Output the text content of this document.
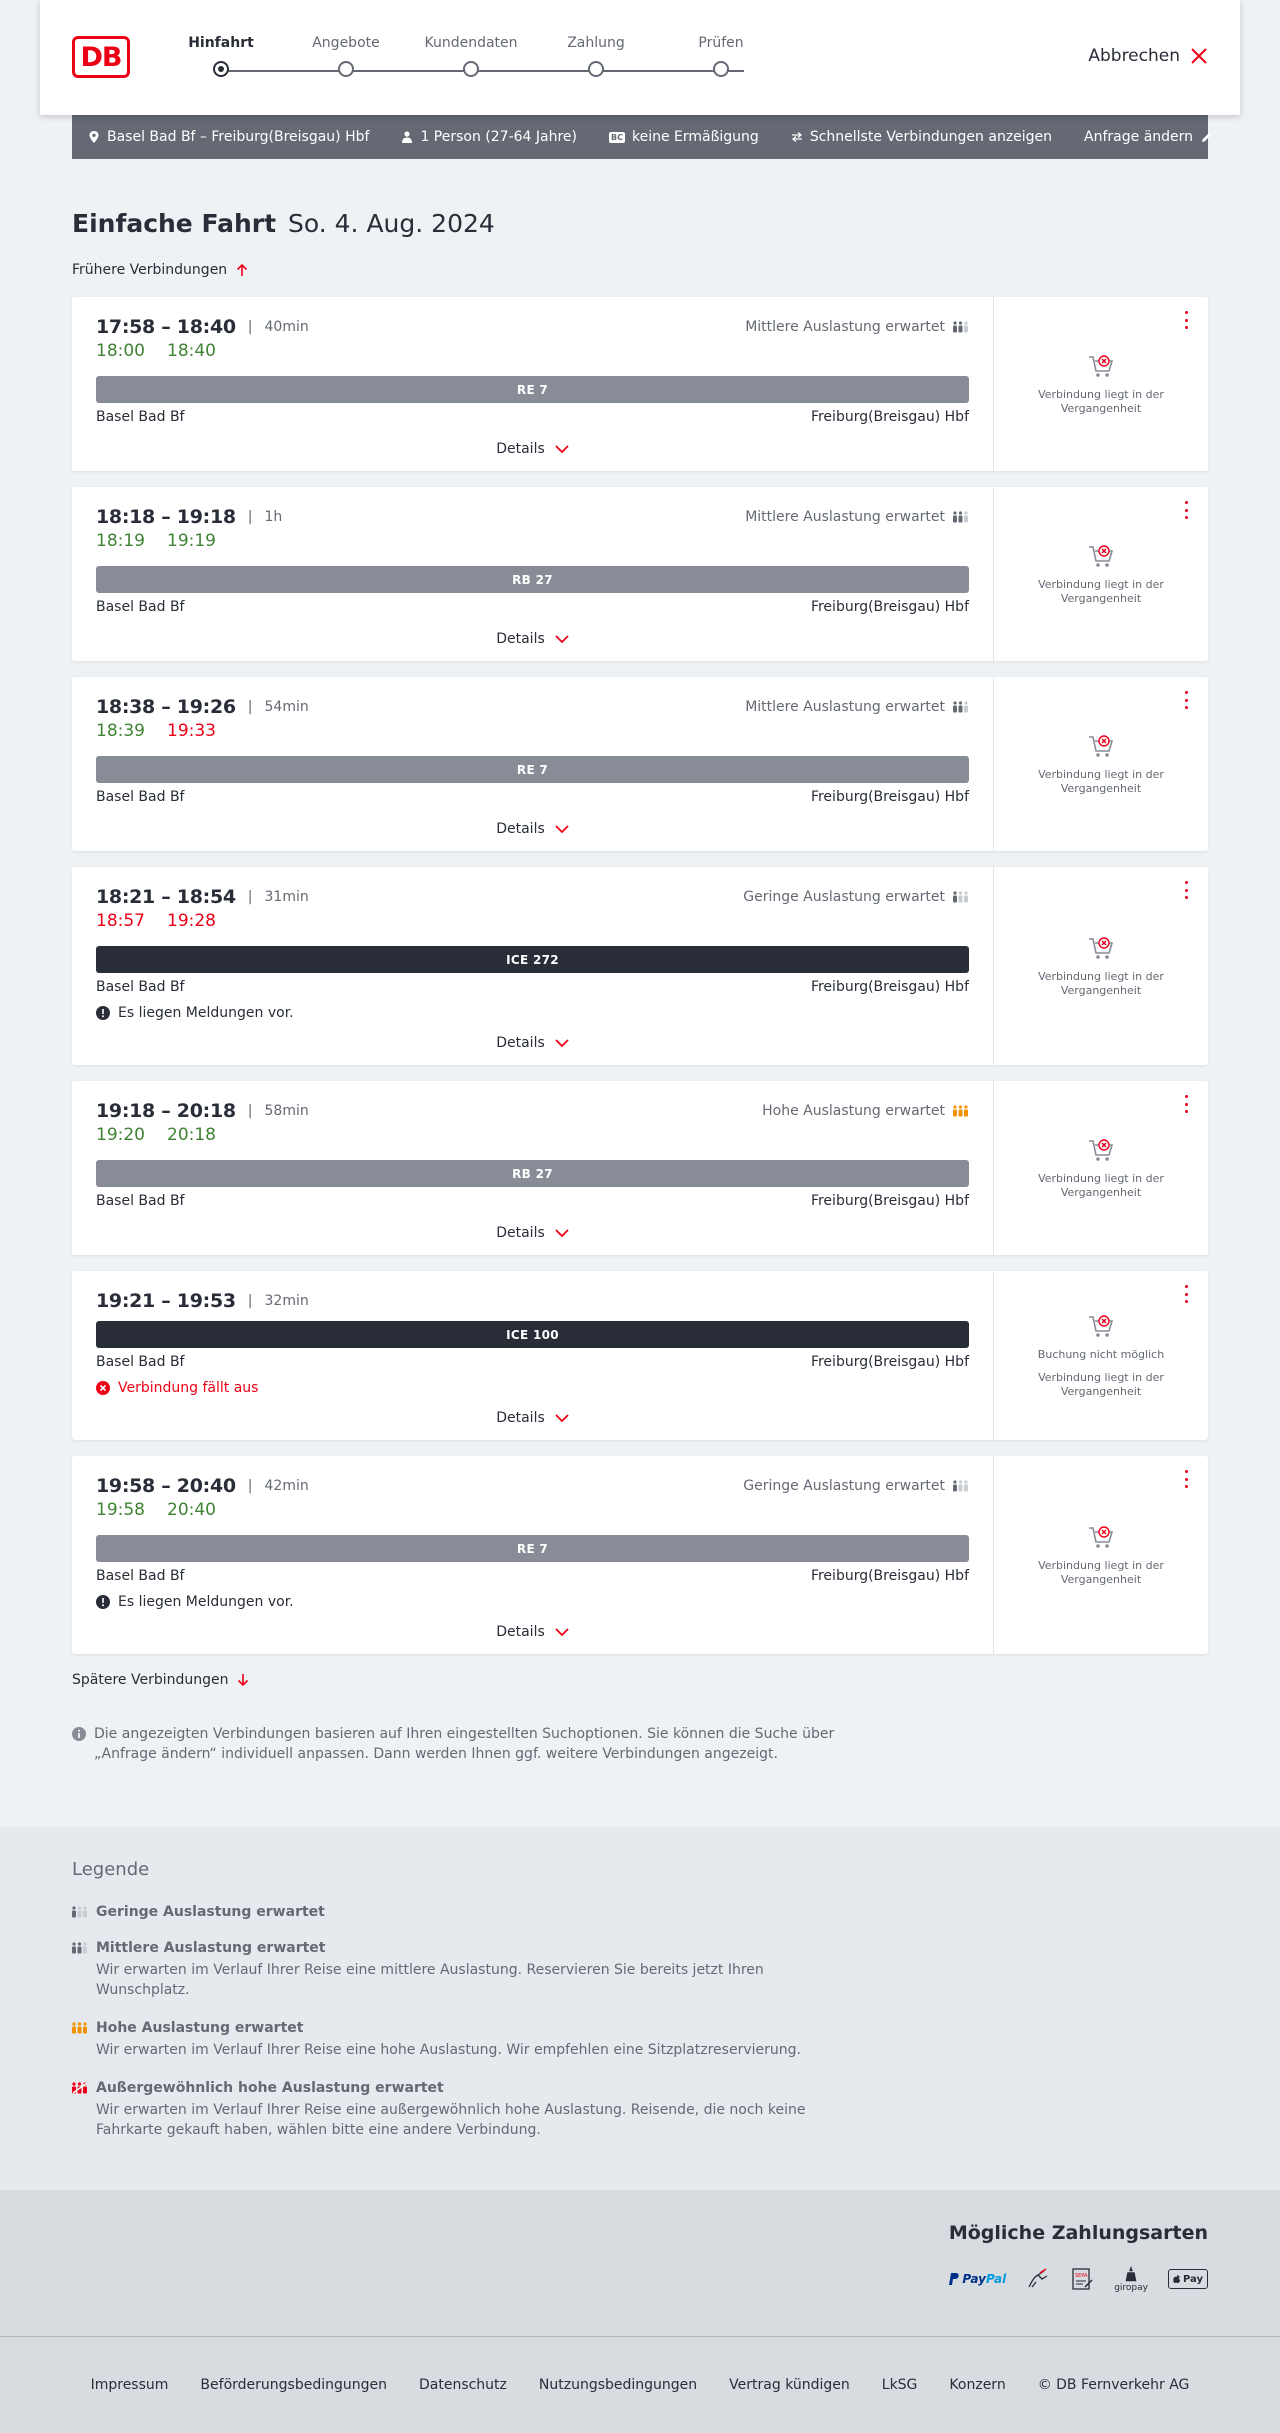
DB	Hinfahrt	Angebote	Kundendaten	Zahlung	Prüfen
Abbrechen
Basel Bad Bf – Freiburg(Breisgau) Hbf	1 Person (27-64 Jahre)	BC keine Ermäßigung	Schnellste Verbindungen anzeigen Anfrage ändern
Einfache Fahrt So. 4. Aug. 2024
Frühere Verbindungen
17:58 – 18:40 | 40min	Mittlere Auslastung erwartet
18:00 18:40
RE 7
Basel Bad Bf	Freiburg(Breisgau) Hbf
Details
Verbindung liegt in der Vergangenheit
18:18 – 19:18 | 1h	Mittlere Auslastung erwartet
18:19 19:19
RB 27
Basel Bad Bf	Freiburg(Breisgau) Hbf
Details
Verbindung liegt in der Vergangenheit
18:38 – 19:26 | 54min	Mittlere Auslastung erwartet
18:39 19:33
RE 7
Basel Bad Bf	Freiburg(Breisgau) Hbf
Details
Verbindung liegt in der Vergangenheit
18:21 – 18:54 | 31min	Geringe Auslastung erwartet
18:57 19:28
ICE 272
Basel Bad Bf	Freiburg(Breisgau) Hbf
Es liegen Meldungen vor.
Details
Verbindung liegt in der Vergangenheit
19:18 – 20:18 | 58min	Hohe Auslastung erwartet
19:20 20:18
RB 27
Basel Bad Bf	Freiburg(Breisgau) Hbf
Details
Verbindung liegt in der Vergangenheit
19:21 – 19:53 | 32min
ICE 100
Basel Bad Bf	Freiburg(Breisgau) Hbf
Verbindung fällt aus
Details
Buchung nicht möglich
Verbindung liegt in der Vergangenheit
19:58 – 20:40 | 42min	Geringe Auslastung erwartet
19:58 20:40
RE 7
Basel Bad Bf	Freiburg(Breisgau) Hbf
Es liegen Meldungen vor.
Details
Verbindung liegt in der Vergangenheit
Spätere Verbindungen
Die angezeigten Verbindungen basieren auf Ihren eingestellten Suchoptionen. Sie können die Suche über „Anfrage ändern“ individuell anpassen. Dann werden Ihnen ggf. weitere Verbindungen angezeigt.
Legende
Geringe Auslastung erwartet
Mittlere Auslastung erwartet
Wir erwarten im Verlauf Ihrer Reise eine mittlere Auslastung. Reservieren Sie bereits jetzt Ihren Wunschplatz.
Hohe Auslastung erwartet
Wir erwarten im Verlauf Ihrer Reise eine hohe Auslastung. Wir empfehlen eine Sitzplatzreservierung.
Außergewöhnlich hohe Auslastung erwartet
Wir erwarten im Verlauf Ihrer Reise eine außergewöhnlich hohe Auslastung. Reisende, die noch keine Fahrkarte gekauft haben, wählen bitte eine andere Verbindung.
Mögliche Zahlungsarten
Pay Pal	SEPA
giropay
Pay
Impressum Beförderungsbedingungen Datenschutz Nutzungsbedingungen Vertrag kündigen LkSG Konzern © DB Fernverkehr AG
